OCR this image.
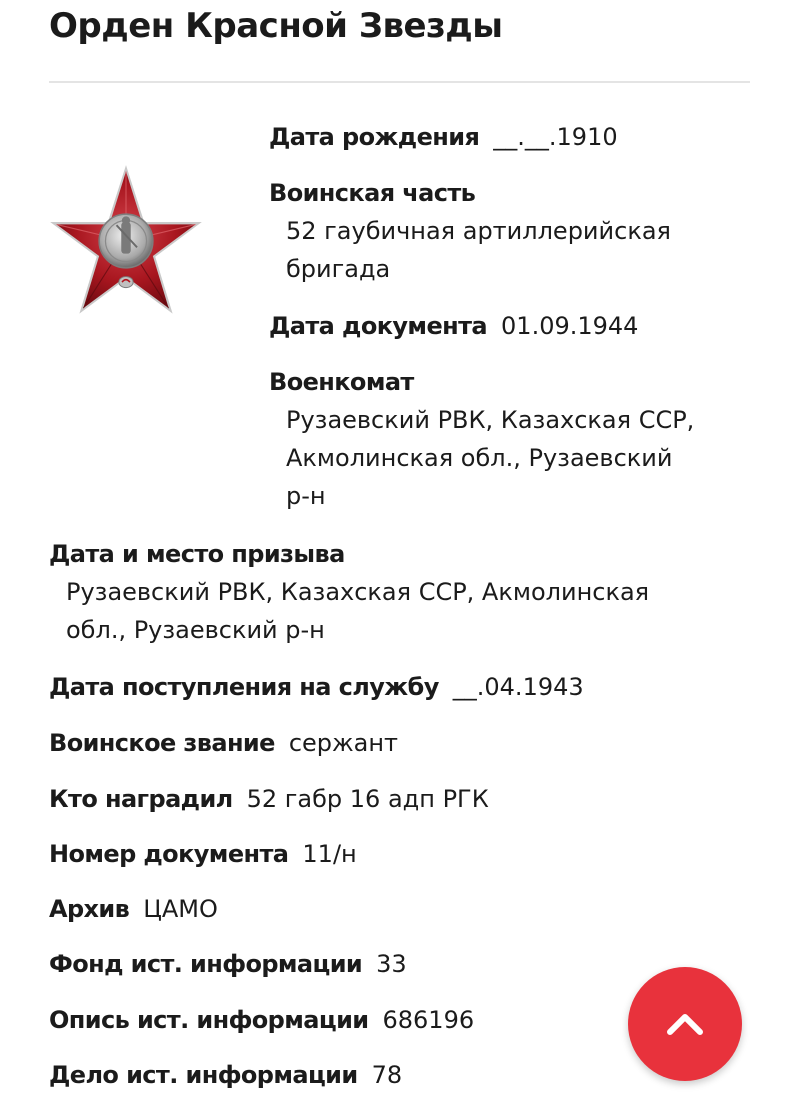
Орден Красной Звезды
Дата рождения __.__.1910
Воинская часть
52 гаубичная артиллерийская
бригада
Дата документа 01.09.1944
Военкомат
Рузаевский РВК, Казахская ССР,
Акмолинская обл., Рузаевский
р-н
Дата и место призыва
Рузаевский РВК, Казахская ССР, Акмолинская
обл., Рузаевский р-н
Дата поступления на службу __.04.1943
Воинское звание сержант
Кто наградил 52 габр 16 адп РГК
Номер документа 11/н
Архив ЦАМО
Фонд ист. информации 33
Опись ист. информации 686196
Дело ист. информации 78
